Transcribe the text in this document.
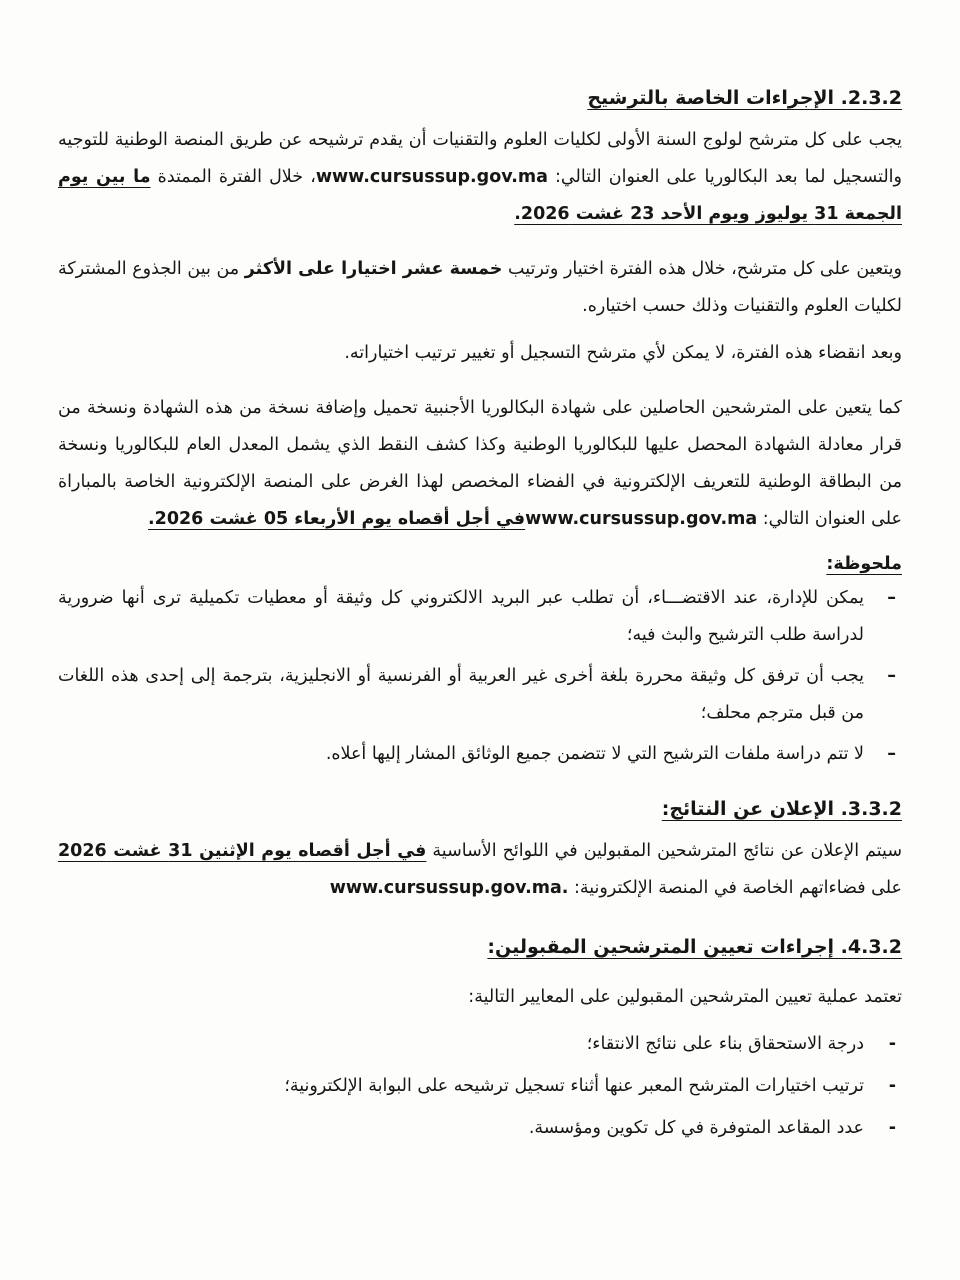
2.3.2. الإجراءات الخاصة بالترشيح

يجب على كل مترشح لولوج السنة الأولى لكليات العلوم والتقنيات أن يقدم ترشيحه عن طريق المنصة الوطنية للتوجيه والتسجيل لما بعد البكالوريا على العنوان التالي: www.cursussup.gov.ma، خلال الفترة الممتدة ما بين يوم الجمعة 31 يوليوز ويوم الأحد 23 غشت 2026.

ويتعين على كل مترشح، خلال هذه الفترة اختيار وترتيب خمسة عشر اختيارا على الأكثر من بين الجذوع المشتركة لكليات العلوم والتقنيات وذلك حسب اختياره.

وبعد انقضاء هذه الفترة، لا يمكن لأي مترشح التسجيل أو تغيير ترتيب اختياراته.

كما يتعين على المترشحين الحاصلين على شهادة البكالوريا الأجنبية تحميل وإضافة نسخة من هذه الشهادة ونسخة من قرار معادلة الشهادة المحصل عليها للبكالوريا الوطنية وكذا كشف النقط الذي يشمل المعدل العام للبكالوريا ونسخة من البطاقة الوطنية للتعريف الإلكترونية في الفضاء المخصص لهذا الغرض على المنصة الإلكترونية الخاصة بالمباراة على العنوان التالي: www.cursussup.gov.maفي أجل أقصاه يوم الأربعاء 05 غشت 2026.

ملحوظة:

–
يمكن للإدارة، عند الاقتضـــاء، أن تطلب عبر البريد الالكتروني كل وثيقة أو معطيات تكميلية ترى أنها ضرورية لدراسة طلب الترشيح والبث فيه؛
–
يجب أن ترفق كل وثيقة محررة بلغة أخرى غير العربية أو الفرنسية أو الانجليزية، بترجمة إلى إحدى هذه اللغات من قبل مترجم محلف؛
–
لا تتم دراسة ملفات الترشيح التي لا تتضمن جميع الوثائق المشار إليها أعلاه.
3.3.2. الإعلان عن النتائج:

سيتم الإعلان عن نتائج المترشحين المقبولين في اللوائح الأساسية في أجل أقصاه يوم الإثنين 31 غشت 2026 على فضاءاتهم الخاصة في المنصة الإلكترونية: www.cursussup.gov.ma.

4.3.2. إجراءات تعيين المترشحين المقبولين:

تعتمد عملية تعيين المترشحين المقبولين على المعايير التالية:

-
درجة الاستحقاق بناء على نتائج الانتقاء؛
-
ترتيب اختيارات المترشح المعبر عنها أثناء تسجيل ترشيحه على البوابة الإلكترونية؛
-
عدد المقاعد المتوفرة في كل تكوين ومؤسسة.
